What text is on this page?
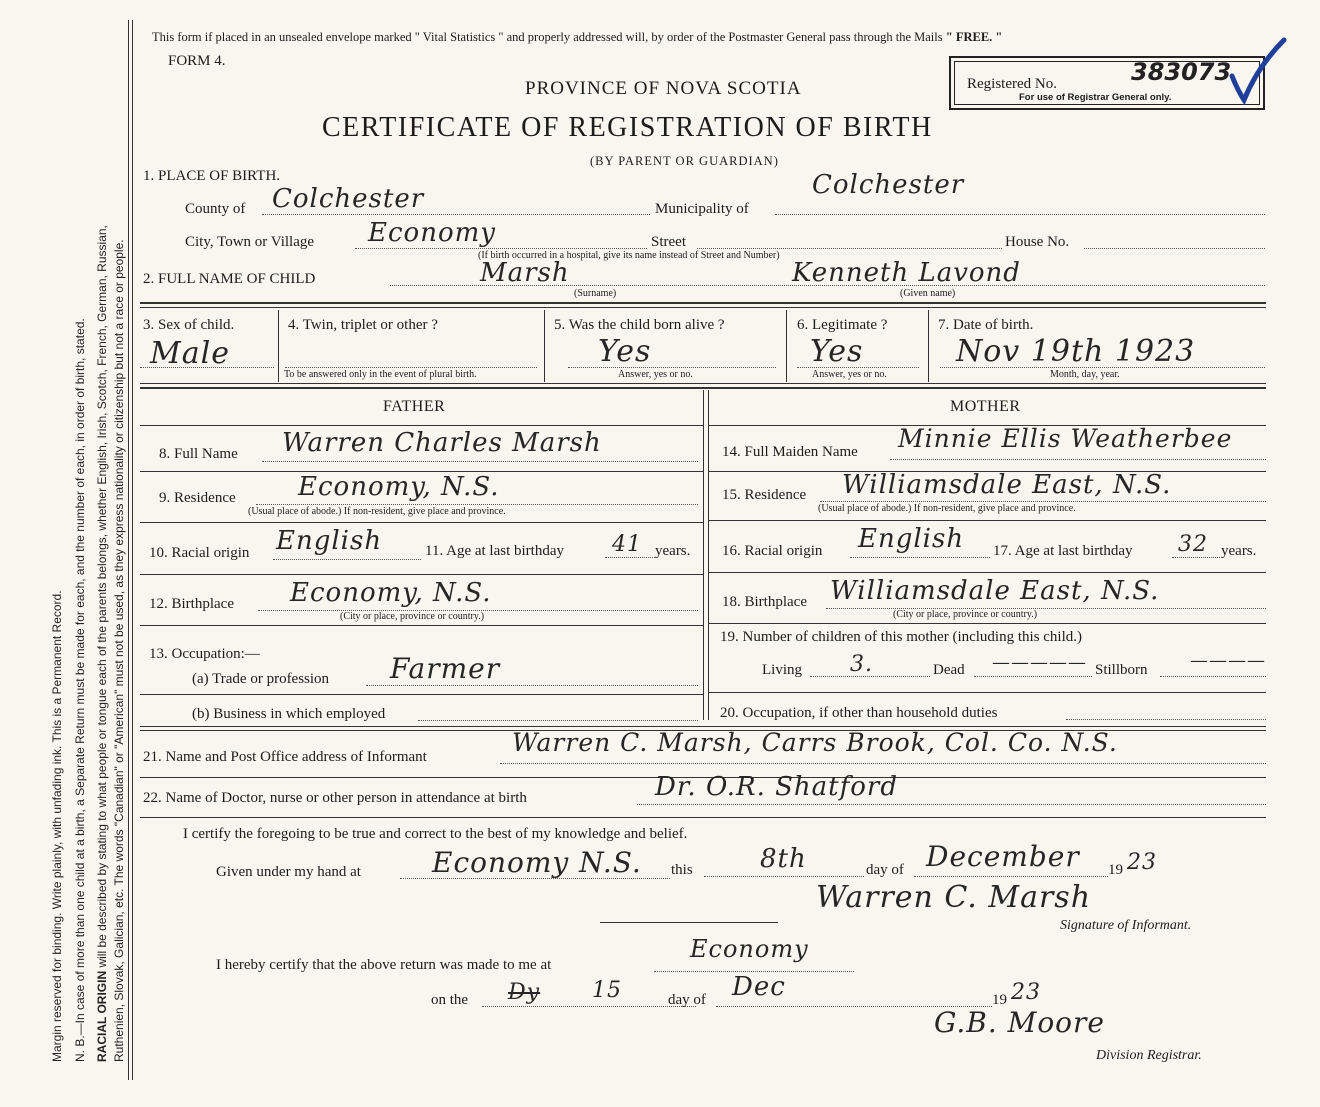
Margin reserved for binding. Write plainly, with unfading ink. This is a Permanent Record. N. B.—In case of more than one child at a birth, a Separate Return must be made for each, and the number of each, in order of birth, stated. RACIAL ORIGIN will be described by stating to what people or tongue each of the parents belongs, whether English, Irish, Scotch, French, German, Russian, Ruthenien, Slovak, Galician, etc. The words "Canadian" or "American" must not be used, as they express nationality or citizenship but not a race or people.
This form if placed in an unsealed envelope marked " Vital Statistics " and properly addressed will, by order of the Postmaster General pass through the Mails " FREE. "
FORM 4.
PROVINCE OF NOVA SCOTIA
CERTIFICATE OF REGISTRATION OF BIRTH
(BY PARENT OR GUARDIAN)
Registered No.	383073
For use of Registrar General only.
1. PLACE OF BIRTH.
County of Colchester	Municipality of
Colchester
City, Town or Village Economy	Street	House No.
(If birth occurred in a hospital, give its name instead of Street and Number)
2. FULL NAME OF CHILD	Marsh
(Surname)
Kenneth Lavond
(Given name)
3. Sex of child.
Male
4. Twin, triplet or other ?
To be answered only in the event of plural birth.
5. Was the child born alive ?
Yes
Answer, yes or no.
6. Legitimate ?
Yes
Answer, yes or no.
7. Date of birth.
Nov 19th 1923
Month, day, year.
FATHER	MOTHER
8. Full Name Warren Charles Marsh	14. Full Maiden Name Minnie Ellis Weatherbee
9. Residence Economy, N.S.
(Usual place of abode.) If non-resident, give place and province.
15. Residence Williamsdale East, N.S.
(Usual place of abode.) If non-resident, give place and province.
10. Racial origin English	11. Age at last birthday 41 years. 16. Racial origin English 17. Age at last birthday 32 years.
12. Birthplace Economy, N.S.
(City or place, province or country.)
18. Birthplace Williamsdale East, N.S.
(City or place, province or country.)
13. Occupation:—
(a) Trade or profession Farmer
19. Number of children of this mother (including this child.)
Living 3.	Dead ————— Stillborn ————
(b) Business in which employed	20. Occupation, if other than household duties
21. Name and Post Office address of Informant	Warren C. Marsh, Carrs Brook, Col. Co. N.S.
22. Name of Doctor, nurse or other person in attendance at birth	Dr. O.R. Shatford
I certify the foregoing to be true and correct to the best of my knowledge and belief.
Given under my hand at	Economy N.S. this	8th	day of December 19 23
Warren C. Marsh
Signature of Informant.
I hereby certify that the above return was made to me at
Economy
on the Dy 15	day of Dec	19 23
G.B. Moore
Division Registrar.
